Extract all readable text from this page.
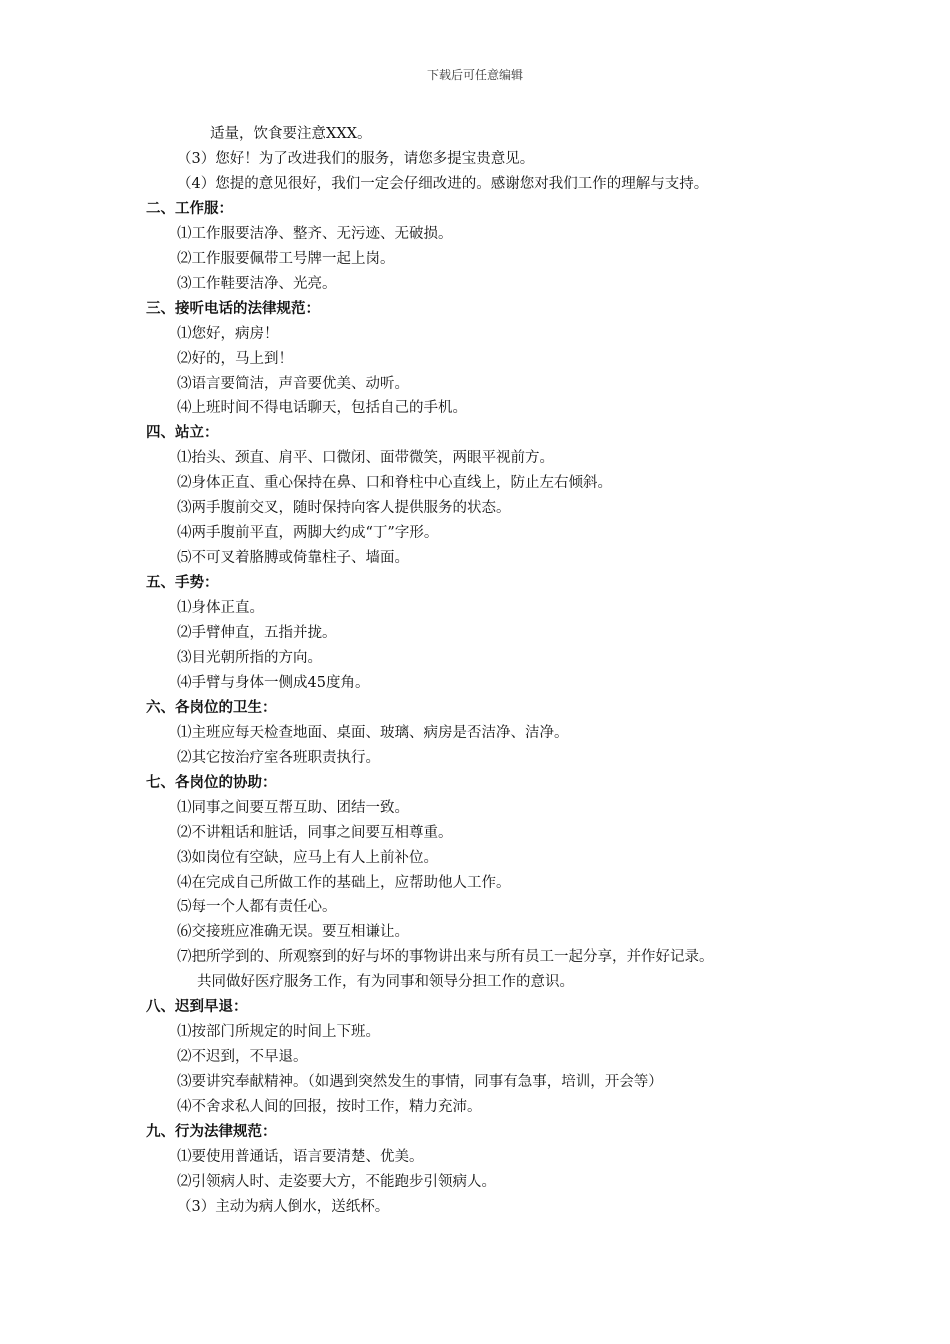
下载后可任意编辑
适量，饮食要注意XXX。
（3）您好！为了改进我们的服务，请您多提宝贵意见。
（4）您提的意见很好，我们一定会仔细改进的。感谢您对我们工作的理解与支持。
二、工作服：
⑴工作服要洁净、整齐、无污迹、无破损。
⑵工作服要佩带工号牌一起上岗。
⑶工作鞋要洁净、光亮。
三、接听电话的法律规范：
⑴您好，病房！
⑵好的，马上到！
⑶语言要简洁，声音要优美、动听。
⑷上班时间不得电话聊天，包括自己的手机。
四、站立：
⑴抬头、颈直、肩平、口微闭、面带微笑，两眼平视前方。
⑵身体正直、重心保持在鼻、口和脊柱中心直线上，防止左右倾斜。
⑶两手腹前交叉，随时保持向客人提供服务的状态。
⑷两手腹前平直，两脚大约成“丁”字形。
⑸不可叉着胳膊或倚靠柱子、墙面。
五、手势：
⑴身体正直。
⑵手臂伸直，五指并拢。
⑶目光朝所指的方向。
⑷手臂与身体一侧成45度角。
六、各岗位的卫生：
⑴主班应每天检查地面、桌面、玻璃、病房是否洁净、洁净。
⑵其它按治疗室各班职责执行。
七、各岗位的协助：
⑴同事之间要互帮互助、团结一致。
⑵不讲粗话和脏话，同事之间要互相尊重。
⑶如岗位有空缺，应马上有人上前补位。
⑷在完成自己所做工作的基础上，应帮助他人工作。
⑸每一个人都有责任心。
⑹交接班应准确无误。要互相谦让。
⑺把所学到的、所观察到的好与坏的事物讲出来与所有员工一起分享，并作好记录。
共同做好医疗服务工作，有为同事和领导分担工作的意识。
八、迟到早退：
⑴按部门所规定的时间上下班。
⑵不迟到，不早退。
⑶要讲究奉献精神。（如遇到突然发生的事情，同事有急事，培训，开会等）
⑷不舍求私人间的回报，按时工作，精力充沛。
九、行为法律规范：
⑴要使用普通话，语言要清楚、优美。
⑵引领病人时、走姿要大方，不能跑步引领病人。
（3）主动为病人倒水，送纸杯。
